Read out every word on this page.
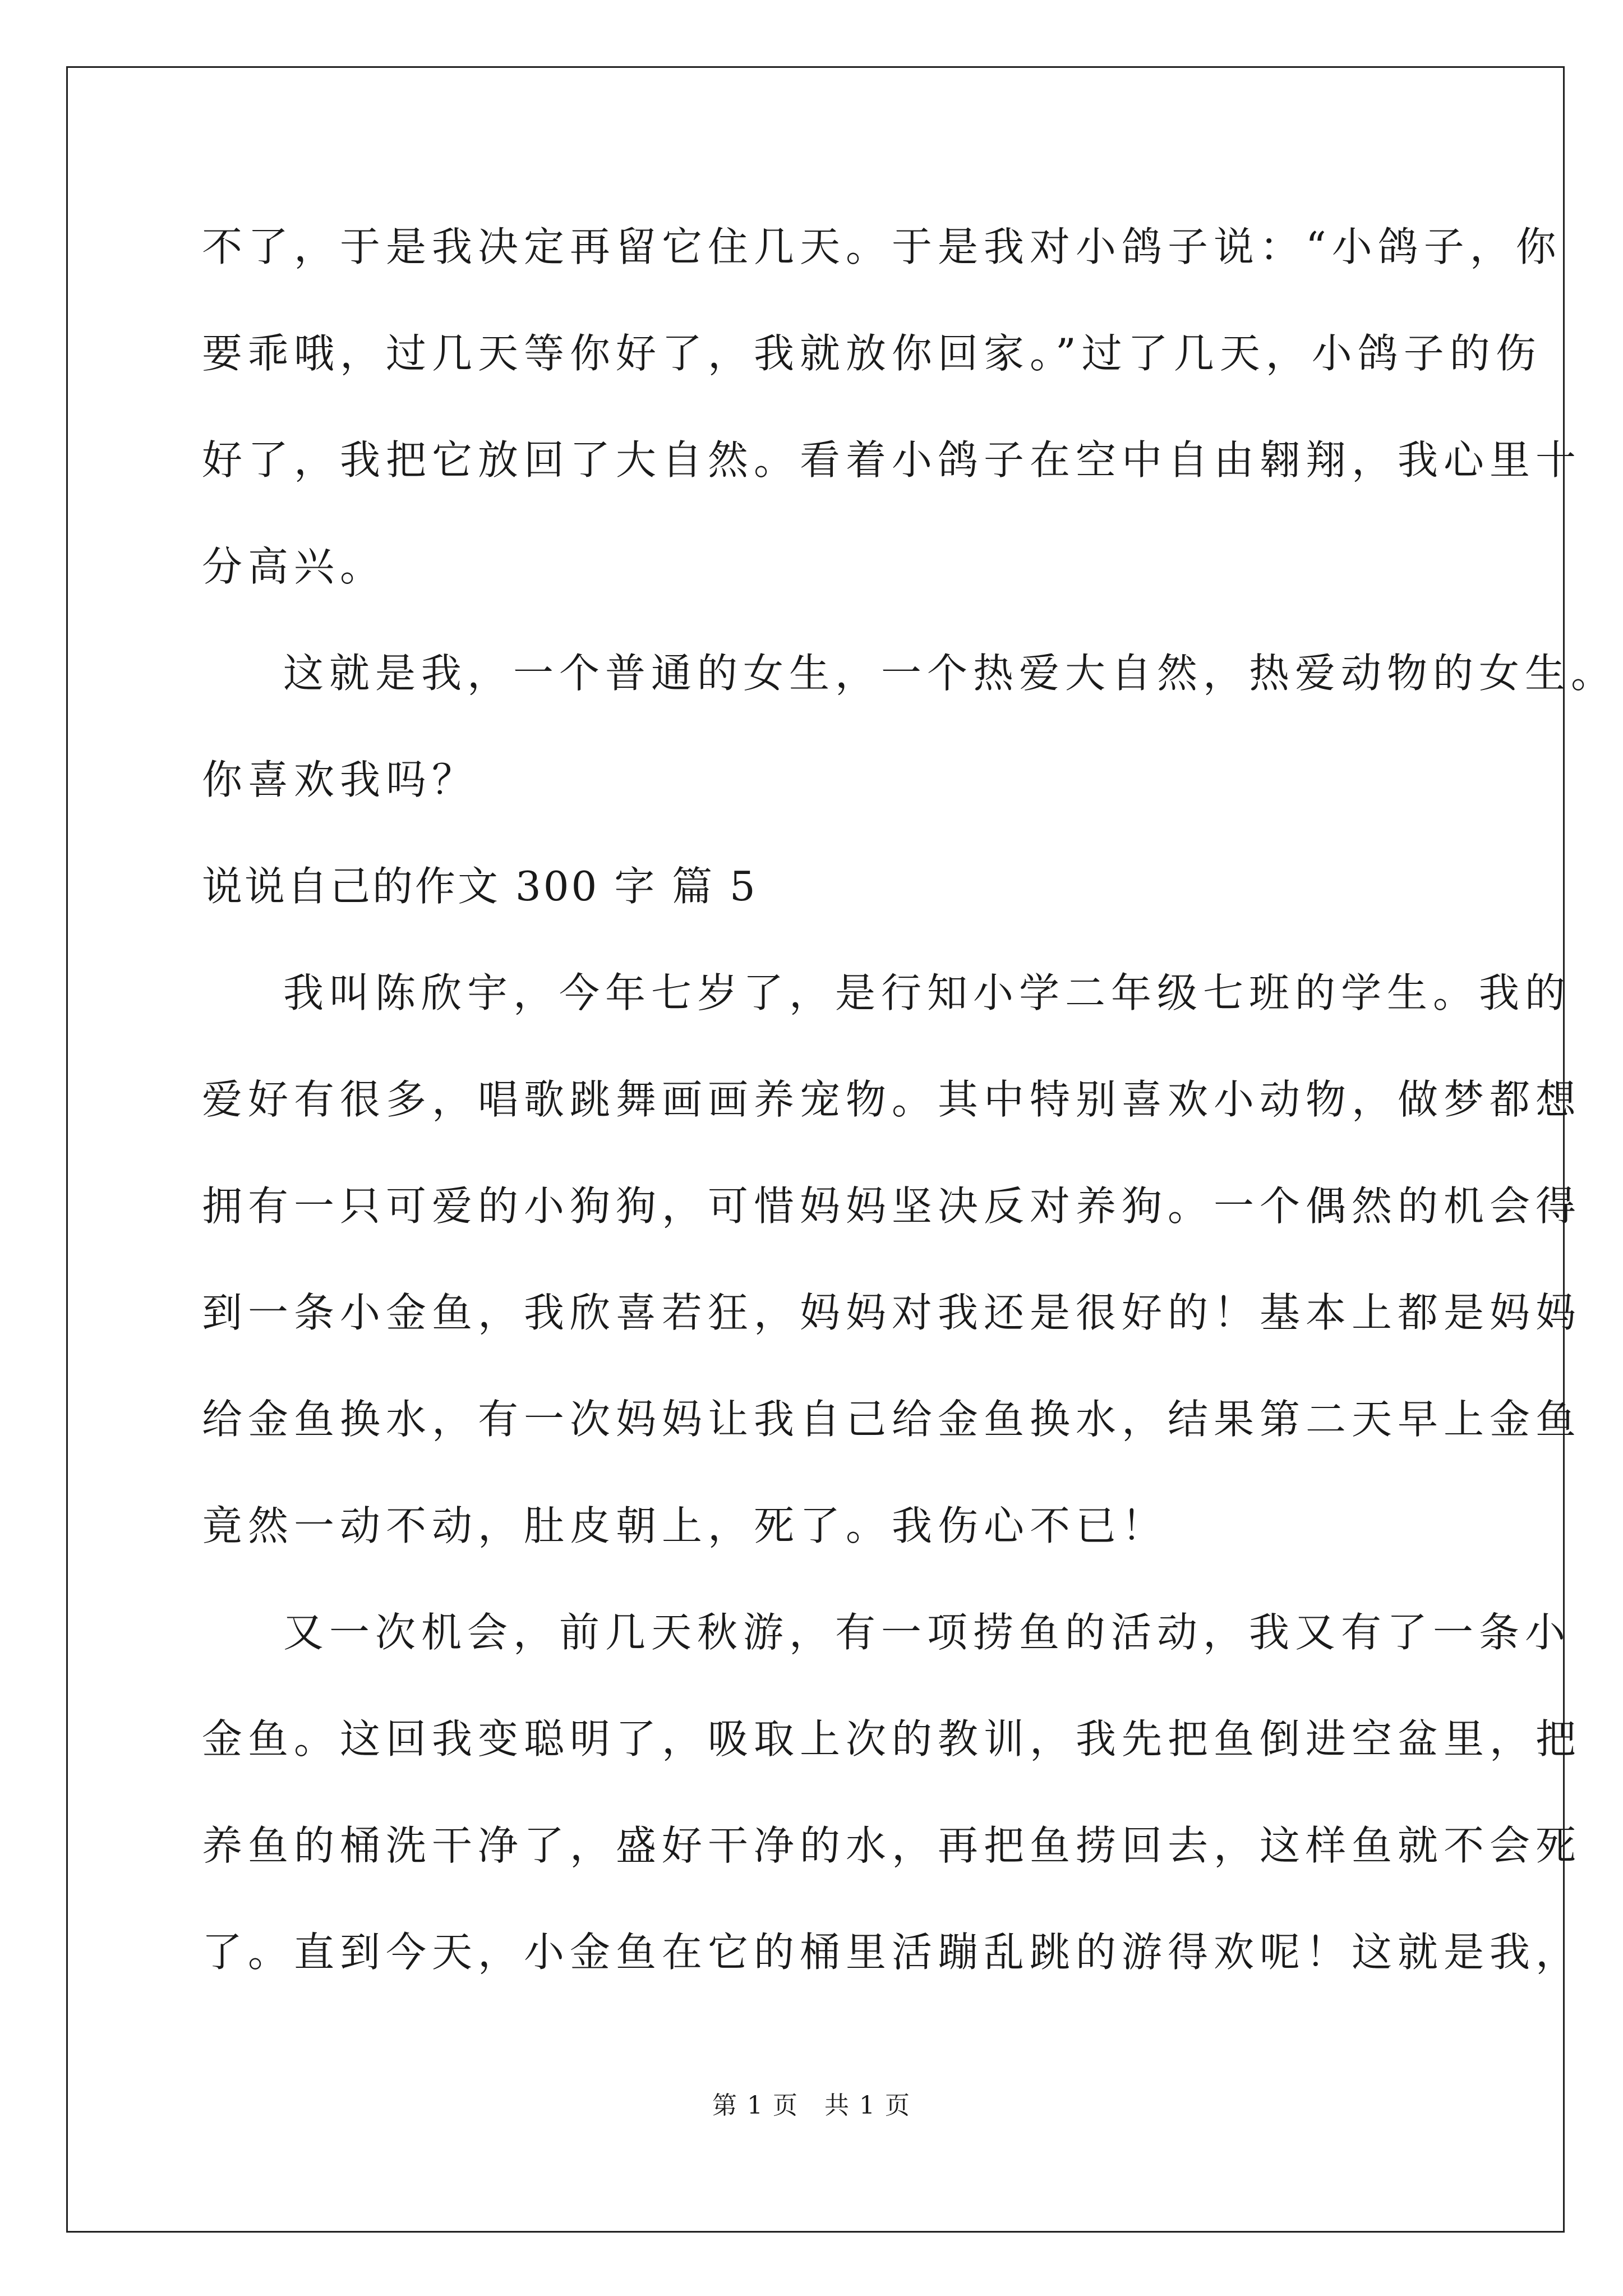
不了，于是我决定再留它住几天。于是我对小鸽子说：“小鸽子，你
要乖哦，过几天等你好了，我就放你回家。”过了几天，小鸽子的伤
好了，我把它放回了大自然。看着小鸽子在空中自由翱翔，我心里十
分高兴。
这就是我，一个普通的女生，一个热爱大自然，热爱动物的女生。
你喜欢我吗？
说说自己的作文 300 字 篇 5
我叫陈欣宇，今年七岁了，是行知小学二年级七班的学生。我的
爱好有很多，唱歌跳舞画画养宠物。其中特别喜欢小动物，做梦都想
拥有一只可爱的小狗狗，可惜妈妈坚决反对养狗。一个偶然的机会得
到一条小金鱼，我欣喜若狂，妈妈对我还是很好的！基本上都是妈妈
给金鱼换水，有一次妈妈让我自己给金鱼换水，结果第二天早上金鱼
竟然一动不动，肚皮朝上，死了。我伤心不已！
又一次机会，前几天秋游，有一项捞鱼的活动，我又有了一条小
金鱼。这回我变聪明了，吸取上次的教训，我先把鱼倒进空盆里，把
养鱼的桶洗干净了，盛好干净的水，再把鱼捞回去，这样鱼就不会死
了。直到今天，小金鱼在它的桶里活蹦乱跳的游得欢呢！这就是我，
第 1 页 共 1 页
